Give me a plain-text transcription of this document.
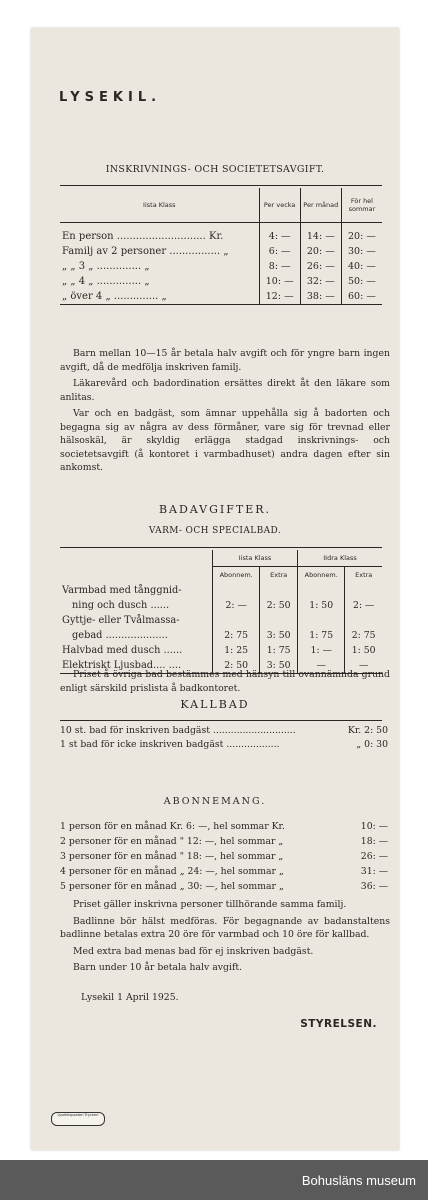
LYSEKIL.
INSKRIVNINGS- OCH SOCIETETSAVGIFT.
Iista Klass	Per vecka	Per månad	För hel sommar
En person ............................ Kr.	4: —	14: —	20: —
Familj av 2 personer ................ „	6: —	20: —	30: —
„ „ 3 „ .............. „	8: —	26: —	40: —
„ „ 4 „ .............. „	10: —	32: —	50: —
„ över 4 „ .............. „	12: —	38: —	60: —

Barn mellan 10—15 år betala halv avgift och för yngre barn ingen avgift, då de medfölja inskriven familj.

Läkarevård och badordination ersättes direkt åt den läkare som anlitas.

Var och en badgäst, som ämnar uppehålla sig å badorten och begagna sig av några av dess förmåner, vare sig för trevnad eller hälsoskäl, är skyldig erlägga stadgad inskrivnings- och societetsavgift (å kontoret i varmbadhuset) andra dagen efter sin ankomst.

BADAVGIFTER.
VARM- OCH SPECIALBAD.
	Iista Klass		IIdra Klass	
	Abonnem.	Extra	Abonnem.	Extra
Varmbad med tånggnid-				
ning och dusch ......	2: —	2: 50	1: 50	2: —
Gyttje- eller Tvålmassa-				
gebad ....................	2: 75	3: 50	1: 75	2: 75
Halvbad med dusch ......	1: 25	1: 75	1: —	1: 50
Elektriskt Ljusbad.... ....	2: 50	3: 50	—	—

Priset å övriga bad bestämmes med hänsyn till ovannämnda grund enligt särskild prislista å badkontoret.

KALLBAD
10 st. bad för inskriven badgäst ............................	Kr. 2: 50
1 st bad för icke inskriven badgäst ..................	„ 0: 30
ABONNEMANG.
1 person för en månad Kr. 6: —, hel sommar Kr.	10: —
2 personer för en månad " 12: —, hel sommar „	18: —
3 personer för en månad " 18: —, hel sommar „	26: —
4 personer för en månad „ 24: —, hel sommar „	31: —
5 personer för en månad „ 30: —, hel sommar „	36: —

Priset gäller inskrivna personer tillhörande samma familj.

Badlinne bör hälst medföras. För begagnande av badanstaltens badlinne betalas extra 20 öre för varmbad och 10 öre för kallbad.

Med extra bad menas bad för ej inskriven badgäst.

Barn under 10 år betala halv avgift.

Lysekil 1 April 1925.
STYRELSEN.
Lysekilsposten Tryckeri
Bohusläns museum
